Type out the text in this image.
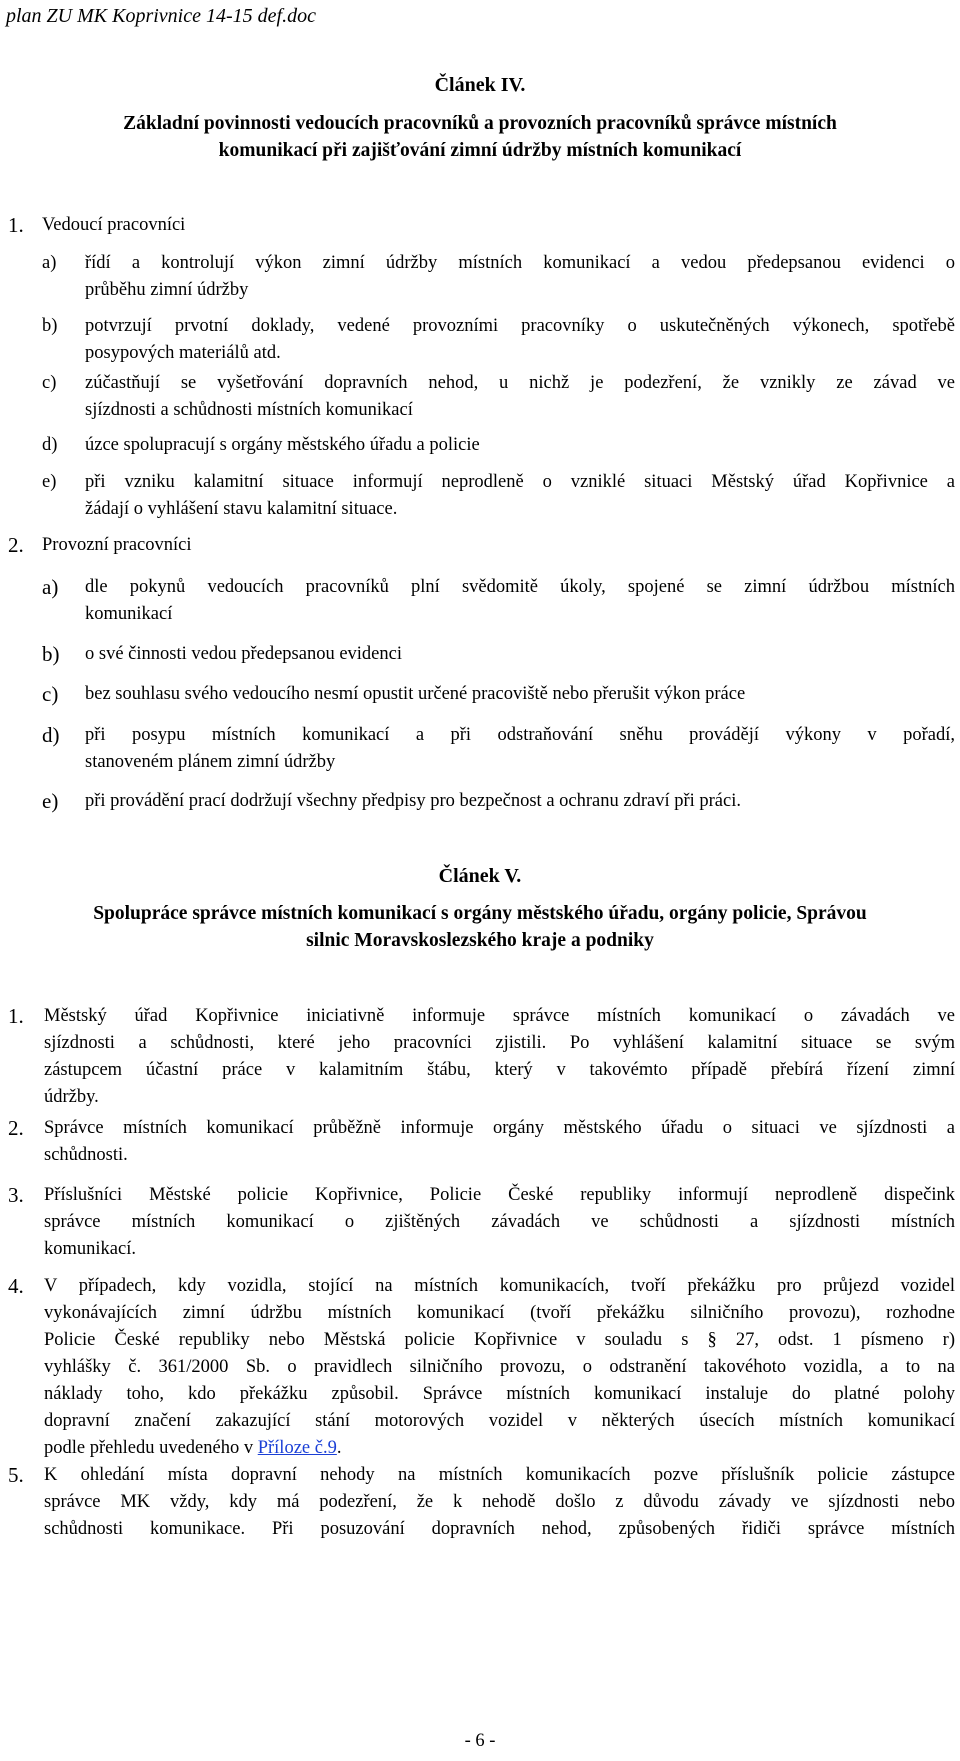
plan ZU MK Koprivnice 14-15 def.doc
Článek IV.
Základní povinnosti vedoucích pracovníků a provozních pracovníků správce místních
komunikací při zajišťování zimní údržby místních komunikací
1. Vedoucí pracovníci
a) řídí a kontrolují výkon zimní údržby místních komunikací a vedou předepsanou evidenci o
průběhu zimní údržby
b) potvrzují prvotní doklady, vedené provozními pracovníky o uskutečněných výkonech, spotřebě
posypových materiálů atd.
c) zúčastňují se vyšetřování dopravních nehod, u nichž je podezření, že vznikly ze závad ve
sjízdnosti a schůdnosti místních komunikací
d) úzce spolupracují s orgány městského úřadu a policie
e) při vzniku kalamitní situace informují neprodleně o vzniklé situaci Městský úřad Kopřivnice a
žádají o vyhlášení stavu kalamitní situace.
2. Provozní pracovníci
a) dle pokynů vedoucích pracovníků plní svědomitě úkoly, spojené se zimní údržbou místních
komunikací
b) o své činnosti vedou předepsanou evidenci
c) bez souhlasu svého vedoucího nesmí opustit určené pracoviště nebo přerušit výkon práce
d) při posypu místních komunikací a při odstraňování sněhu provádějí výkony v pořadí,
stanoveném plánem zimní údržby
e) při provádění prací dodržují všechny předpisy pro bezpečnost a ochranu zdraví při práci.
Článek V.
Spolupráce správce místních komunikací s orgány městského úřadu, orgány policie, Správou
silnic Moravskoslezského kraje a podniky
1. Městský úřad Kopřivnice iniciativně informuje správce místních komunikací o závadách ve
sjízdnosti a schůdnosti, které jeho pracovníci zjistili. Po vyhlášení kalamitní situace se svým
zástupcem účastní práce v kalamitním štábu, který v takovémto případě přebírá řízení zimní
údržby.
2. Správce místních komunikací průběžně informuje orgány městského úřadu o situaci ve sjízdnosti a
schůdnosti.
3. Příslušníci Městské policie Kopřivnice, Policie České republiky informují neprodleně dispečink
správce místních komunikací o zjištěných závadách ve schůdnosti a sjízdnosti místních
komunikací.
4. V případech, kdy vozidla, stojící na místních komunikacích, tvoří překážku pro průjezd vozidel
vykonávajících zimní údržbu místních komunikací (tvoří překážku silničního provozu), rozhodne
Policie České republiky nebo Městská policie Kopřivnice v souladu s § 27, odst. 1 písmeno r)
vyhlášky č. 361/2000 Sb. o pravidlech silničního provozu, o odstranění takovéhoto vozidla, a to na
náklady toho, kdo překážku způsobil. Správce místních komunikací instaluje do platné polohy
dopravní značení zakazující stání motorových vozidel v některých úsecích místních komunikací
podle přehledu uvedeného v Příloze č.9.
5. K ohledání místa dopravní nehody na místních komunikacích pozve příslušník policie zástupce
správce MK vždy, kdy má podezření, že k nehodě došlo z důvodu závady ve sjízdnosti nebo
schůdnosti komunikace. Při posuzování dopravních nehod, způsobených řidiči správce místních
- 6 -
